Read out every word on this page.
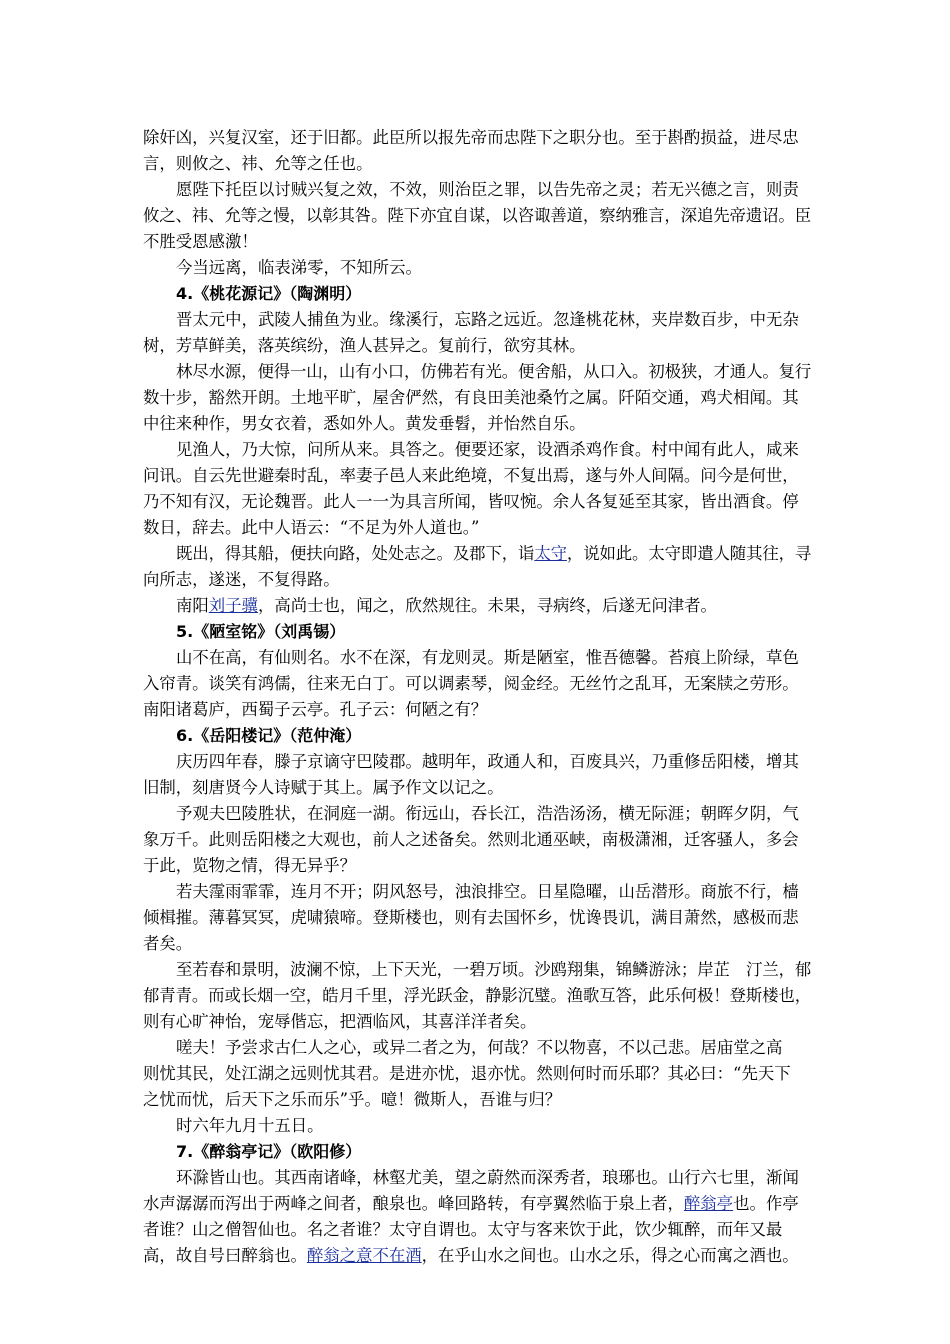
除奸凶，兴复汉室，还于旧都。此臣所以报先帝而忠陛下之职分也。至于斟酌损益，进尽忠
言，则攸之、祎、允等之任也。
愿陛下托臣以讨贼兴复之效，不效，则治臣之罪，以告先帝之灵；若无兴德之言，则责
攸之、祎、允等之慢，以彰其咎。陛下亦宜自谋，以咨诹善道，察纳雅言，深追先帝遗诏。臣
不胜受恩感激！
今当远离，临表涕零，不知所云。
4.《桃花源记》（陶渊明）
晋太元中，武陵人捕鱼为业。缘溪行，忘路之远近。忽逢桃花林，夹岸数百步，中无杂
树，芳草鲜美，落英缤纷，渔人甚异之。复前行，欲穷其林。
林尽水源，便得一山，山有小口，仿佛若有光。便舍船，从口入。初极狭，才通人。复行
数十步，豁然开朗。土地平旷，屋舍俨然，有良田美池桑竹之属。阡陌交通，鸡犬相闻。其
中往来种作，男女衣着，悉如外人。黄发垂髫，并怡然自乐。
见渔人，乃大惊，问所从来。具答之。便要还家，设酒杀鸡作食。村中闻有此人，咸来
问讯。自云先世避秦时乱，率妻子邑人来此绝境，不复出焉，遂与外人间隔。问今是何世，
乃不知有汉，无论魏晋。此人一一为具言所闻，皆叹惋。余人各复延至其家，皆出酒食。停
数日，辞去。此中人语云：“不足为外人道也。”
既出，得其船，便扶向路，处处志之。及郡下，诣太守，说如此。太守即遣人随其往，寻
向所志，遂迷，不复得路。
南阳刘子骥，高尚士也，闻之，欣然规往。未果，寻病终，后遂无问津者。
5.《陋室铭》（刘禹锡）
山不在高，有仙则名。水不在深，有龙则灵。斯是陋室，惟吾德馨。苔痕上阶绿，草色
入帘青。谈笑有鸿儒，往来无白丁。可以调素琴，阅金经。无丝竹之乱耳，无案牍之劳形。
南阳诸葛庐，西蜀子云亭。孔子云：何陋之有？
6.《岳阳楼记》（范仲淹）
庆历四年春，滕子京谪守巴陵郡。越明年，政通人和，百废具兴，乃重修岳阳楼，增其
旧制，刻唐贤今人诗赋于其上。属予作文以记之。
予观夫巴陵胜状，在洞庭一湖。衔远山，吞长江，浩浩汤汤，横无际涯；朝晖夕阴，气
象万千。此则岳阳楼之大观也，前人之述备矣。然则北通巫峡，南极潇湘，迁客骚人，多会
于此，览物之情，得无异乎？
若夫霪雨霏霏，连月不开；阴风怒号，浊浪排空。日星隐曜，山岳潜形。商旅不行，樯
倾楫摧。薄暮冥冥，虎啸猿啼。登斯楼也，则有去国怀乡，忧谗畏讥，满目萧然，感极而悲
者矣。
至若春和景明，波澜不惊，上下天光，一碧万顷。沙鸥翔集，锦鳞游泳；岸芷　汀兰，郁
郁青青。而或长烟一空，皓月千里，浮光跃金，静影沉璧。渔歌互答，此乐何极！登斯楼也，
则有心旷神怡，宠辱偕忘，把酒临风，其喜洋洋者矣。
嗟夫！予尝求古仁人之心，或异二者之为，何哉？不以物喜，不以己悲。居庙堂之高
则忧其民，处江湖之远则忧其君。是进亦忧，退亦忧。然则何时而乐耶？其必曰：“先天下
之忧而忧，后天下之乐而乐”乎。噫！微斯人，吾谁与归？
时六年九月十五日。
7.《醉翁亭记》（欧阳修）
环滁皆山也。其西南诸峰，林壑尤美，望之蔚然而深秀者，琅琊也。山行六七里，渐闻
水声潺潺而泻出于两峰之间者，酿泉也。峰回路转，有亭翼然临于泉上者，醉翁亭也。作亭
者谁？山之僧智仙也。名之者谁？太守自谓也。太守与客来饮于此，饮少辄醉，而年又最
高，故自号曰醉翁也。醉翁之意不在酒，在乎山水之间也。山水之乐，得之心而寓之酒也。
